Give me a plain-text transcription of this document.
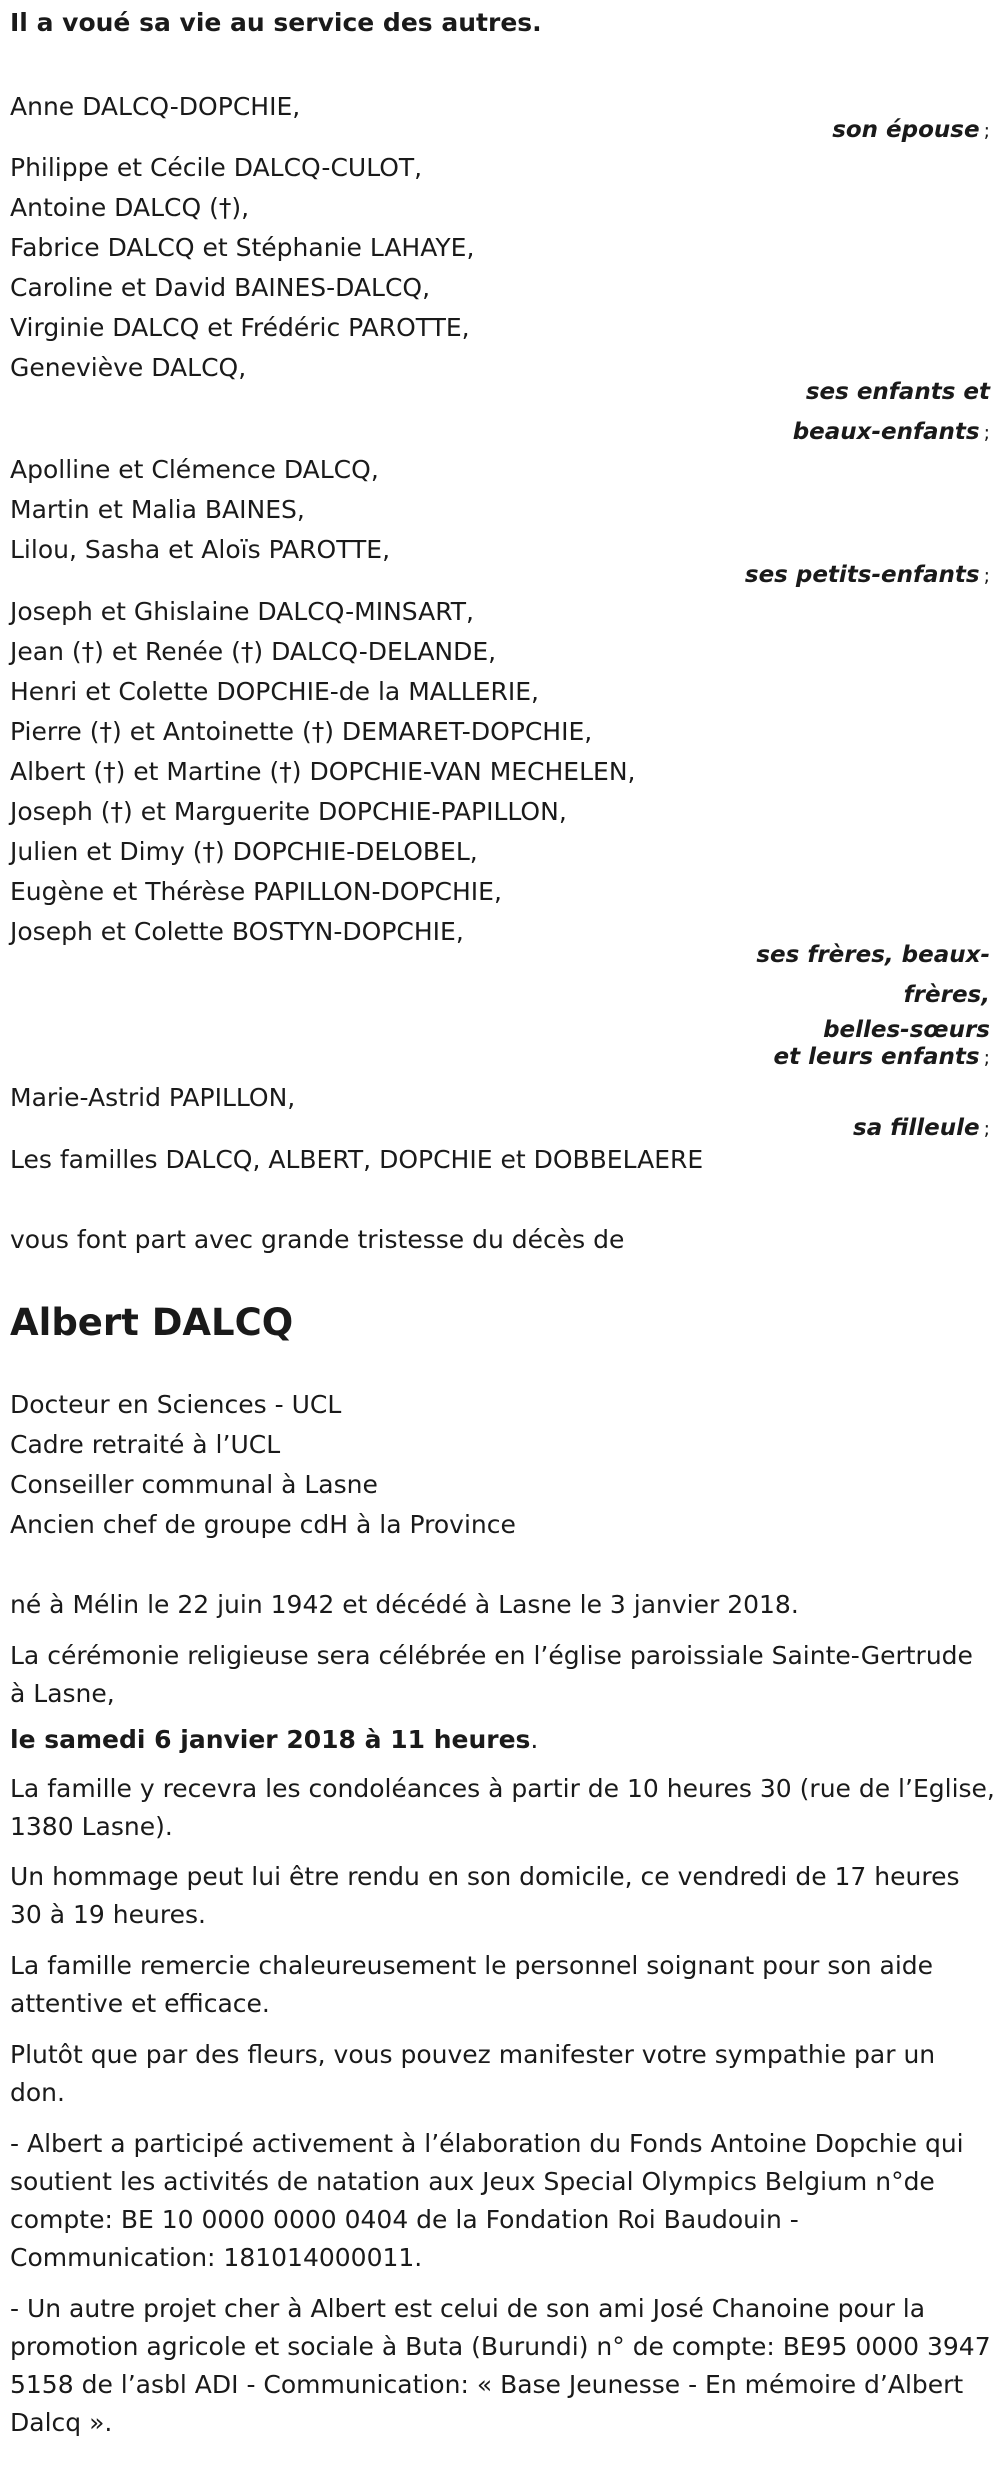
Il a voué sa vie au service des autres.
Anne DALCQ-DOPCHIE,
son épouse ;
Philippe et Cécile DALCQ-CULOT,
Antoine DALCQ (†),
Fabrice DALCQ et Stéphanie LAHAYE,
Caroline et David BAINES-DALCQ,
Virginie DALCQ et Frédéric PAROTTE,
Geneviève DALCQ,
ses enfants et
beaux-enfants ;
Apolline et Clémence DALCQ,
Martin et Malia BAINES,
Lilou, Sasha et Aloïs PAROTTE,
ses petits-enfants ;
Joseph et Ghislaine DALCQ-MINSART,
Jean (†) et Renée (†) DALCQ-DELANDE,
Henri et Colette DOPCHIE-de la MALLERIE,
Pierre (†) et Antoinette (†) DEMARET-DOPCHIE,
Albert (†) et Martine (†) DOPCHIE-VAN MECHELEN,
Joseph (†) et Marguerite DOPCHIE-PAPILLON,
Julien et Dimy (†) DOPCHIE-DELOBEL,
Eugène et Thérèse PAPILLON-DOPCHIE,
Joseph et Colette BOSTYN-DOPCHIE,
ses frères, beaux-
frères,
belles-sœurs
et leurs enfants ;
Marie-Astrid PAPILLON,
sa filleule ;
Les familles DALCQ, ALBERT, DOPCHIE et DOBBELAERE
vous font part avec grande tristesse du décès de
Albert DALCQ
Docteur en Sciences - UCL
Cadre retraité à l’UCL
Conseiller communal à Lasne
Ancien chef de groupe cdH à la Province
né à Mélin le 22 juin 1942 et décédé à Lasne le 3 janvier 2018.
La cérémonie religieuse sera célébrée en l’église paroissiale Sainte-Gertrude à Lasne,
le samedi 6 janvier 2018 à 11 heures.
La famille y recevra les condoléances à partir de 10 heures 30 (rue de l’Eglise, 1380 Lasne).
Un hommage peut lui être rendu en son domicile, ce vendredi de 17 heures 30 à 19 heures.
La famille remercie chaleureusement le personnel soignant pour son aide attentive et efficace.
Plutôt que par des fleurs, vous pouvez manifester votre sympathie par un don.
- Albert a participé activement à l’élaboration du Fonds Antoine Dopchie qui soutient les activités de natation aux Jeux Special Olympics Belgium n°de compte: BE 10 0000 0000 0404 de la Fondation Roi Baudouin - Communication: 181014000011.
- Un autre projet cher à Albert est celui de son ami José Chanoine pour la promotion agricole et sociale à Buta (Burundi) n° de compte: BE95 0000 3947 5158 de l’asbl ADI - Communication: « Base Jeunesse - En mémoire d’Albert Dalcq ».
